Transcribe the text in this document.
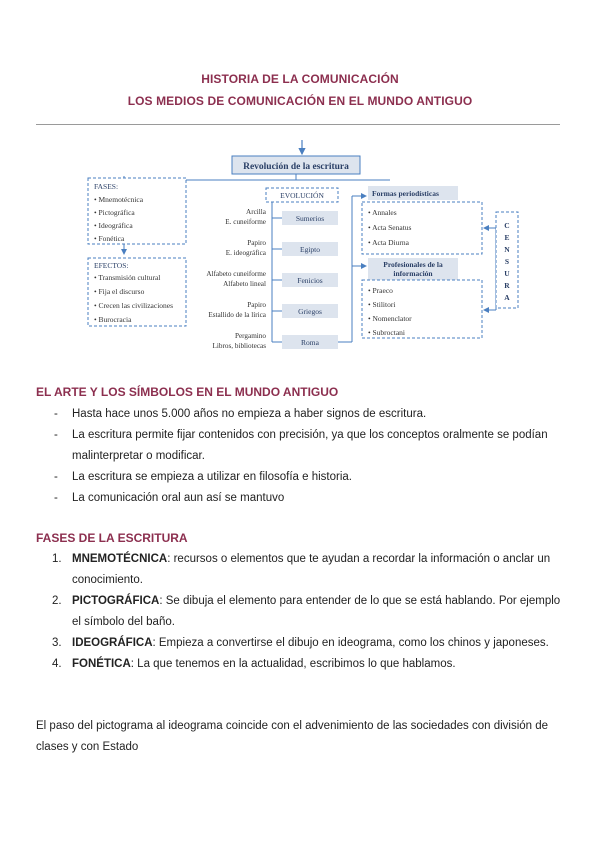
HISTORIA DE LA COMUNICACIÓN
LOS MEDIOS DE COMUNICACIÓN EN EL MUNDO ANTIGUO
Revolución de la escritura
FASES:
• Mnemotécnica
• Pictográfica
• Ideográfica
• Fonética
EFECTOS:
• Transmisión cultural
• Fija el discurso
• Crecen las civilizaciones
• Burocracia
EVOLUCIÓN
Sumerios
Arcilla
E. cuneiforme
Egipto
Papiro
E. ideográfica
Fenicios
Alfabeto cuneiforme
Alfabeto lineal
Griegos
Papiro
Estallido de la lírica
Roma
Pergamino
Libros, bibliotecas
Formas periodísticas
• Annales
• Acta Senatus
• Acta Diurna
Profesionales de la
información
• Praeco
• Stilitori
• Nomenclator
• Subroctani
C
E
N
S
U
R
A
EL ARTE Y LOS SÍMBOLOS EN EL MUNDO ANTIGUO
- Hasta hace unos 5.000 años no empieza a haber signos de escritura.
- La escritura permite fijar contenidos con precisión, ya que los conceptos oralmente se podían malinterpretar o modificar.
- La escritura se empieza a utilizar en filosofía e historia.
- La comunicación oral aun así se mantuvo
FASES DE LA ESCRITURA
1. MNEMOTÉCNICA: recursos o elementos que te ayudan a recordar la información o anclar un conocimiento.
2. PICTOGRÁFICA: Se dibuja el elemento para entender de lo que se está hablando. Por ejemplo el símbolo del baño.
3. IDEOGRÁFICA: Empieza a convertirse el dibujo en ideograma, como los chinos y japoneses.
4. FONÉTICA: La que tenemos en la actualidad, escribimos lo que hablamos.
El paso del pictograma al ideograma coincide con el advenimiento de las sociedades con división de clases y con Estado
